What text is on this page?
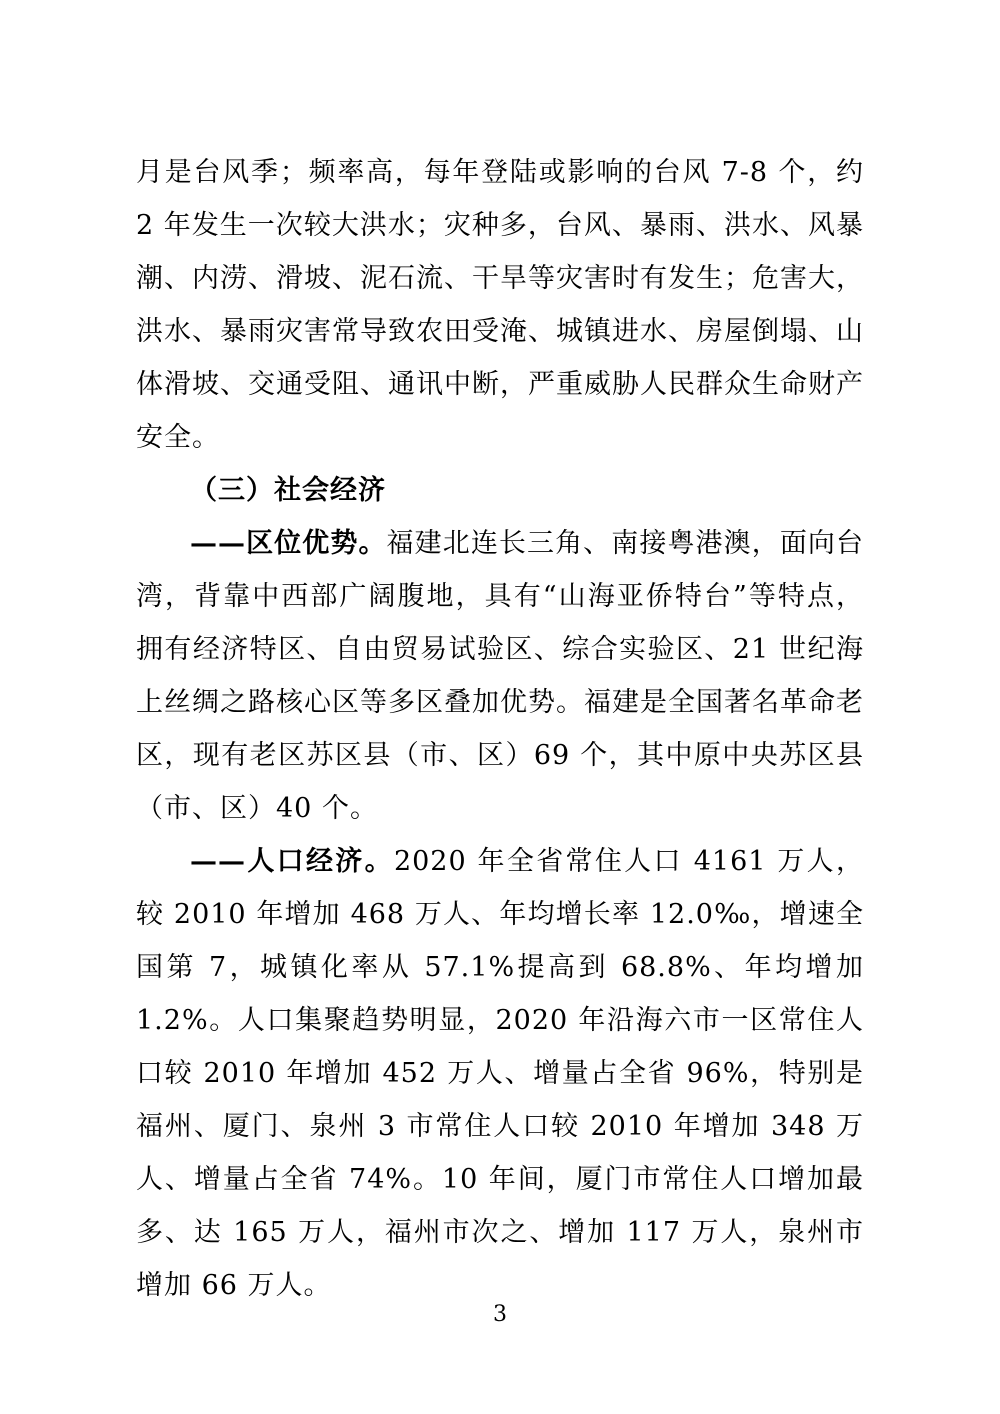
月是台风季；频率高，每年登陆或影响的台风 7-8 个，约 2 年发生一次较大洪水；灾种多，台风、暴雨、洪水、风暴潮、内涝、滑坡、泥石流、干旱等灾害时有发生；危害大，洪水、暴雨灾害常导致农田受淹、城镇进水、房屋倒塌、山体滑坡、交通受阻、通讯中断，严重威胁人民群众生命财产安全。

（三）社会经济

——区位优势。福建北连长三角、南接粤港澳，面向台湾，背靠中西部广阔腹地，具有“山海亚侨特台”等特点，拥有经济特区、自由贸易试验区、综合实验区、21 世纪海上丝绸之路核心区等多区叠加优势。福建是全国著名革命老区，现有老区苏区县（市、区）69 个，其中原中央苏区县（市、区）40 个。

——人口经济。2020 年全省常住人口 4161 万人，较 2010 年增加 468 万人、年均增长率 12.0‰，增速全国第 7，城镇化率从 57.1%提高到 68.8%、年均增加 1.2%。人口集聚趋势明显，2020 年沿海六市一区常住人口较 2010 年增加 452 万人、增量占全省 96%，特别是福州、厦门、泉州 3 市常住人口较 2010 年增加 348 万人、增量占全省 74%。10 年间，厦门市常住人口增加最多、达 165 万人，福州市次之、增加 117 万人，泉州市增加 66 万人。

3
